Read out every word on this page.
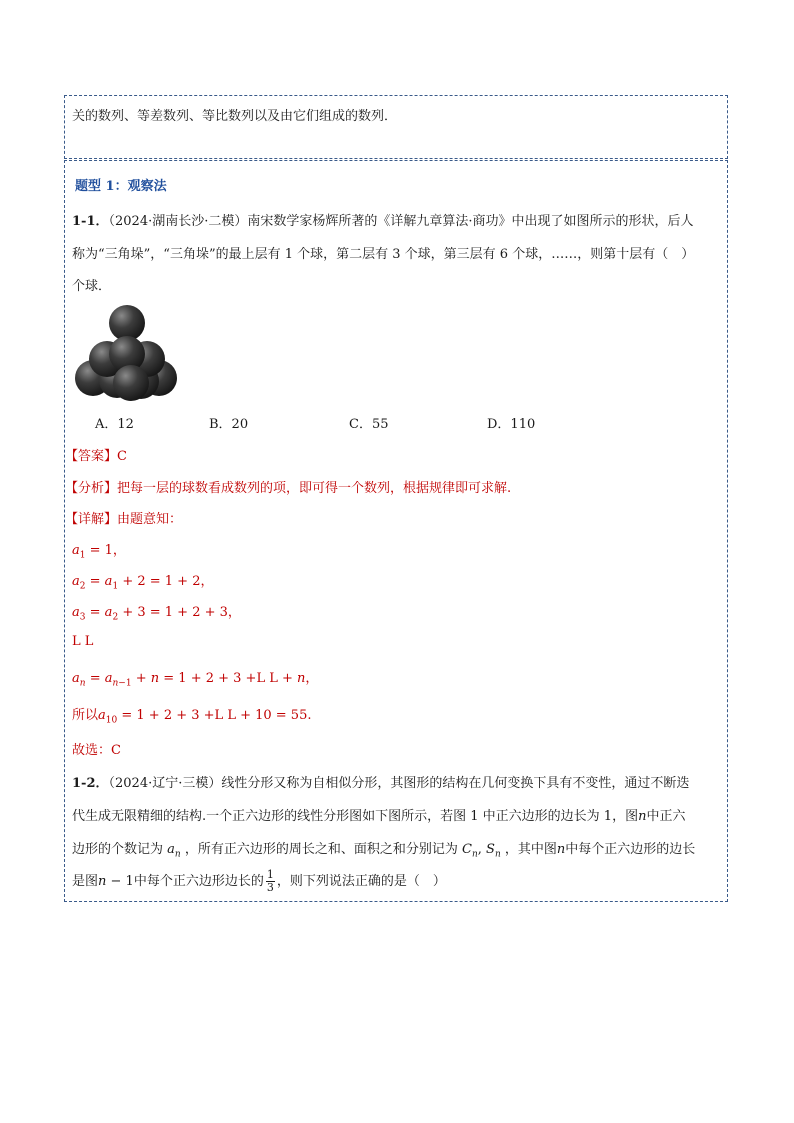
关的数列、等差数列、等比数列以及由它们组成的数列．
题型 1：观察法
1-1．（2024·湖南长沙·二模）南宋数学家杨辉所著的《详解九章算法·商功》中出现了如图所示的形状，后人
称为“三角垛”，“三角垛”的最上层有 1 个球，第二层有 3 个球，第三层有 6 个球，……，则第十层有（　）
个球．
A．12	B．20	C．55	D．110
【答案】C
【分析】把每一层的球数看成数列的项，即可得一个数列，根据规律即可求解.
【详解】由题意知：
$a_1 = 1$，
$a_2 = a_1 + 2 = 1 + 2$，
$a_3 = a_2 + 3 = 1 + 2 + 3$，
L L
$a_n = a_{n-1} + n = 1 + 2 + 3 +L$ L + n，
所以$a_{10} = 1 + 2 + 3 +L$ L + 10 = 55.
故选：C
1-2．（2024·辽宁·三模）线性分形又称为自相似分形，其图形的结构在几何变换下具有不变性，通过不断迭
代生成无限精细的结构.一个正六边形的线性分形图如下图所示，若图 1 中正六边形的边长为 1，图n中正六
边形的个数记为 $a_n$ ，所有正六边形的周长之和、面积之和分别记为 $C_n$, $S_n$ ，其中图n中每个正六边形的边长
是图n − 1中每个正六边形边长的 $\frac{1}{3}$ ，则下列说法正确的是（　）
